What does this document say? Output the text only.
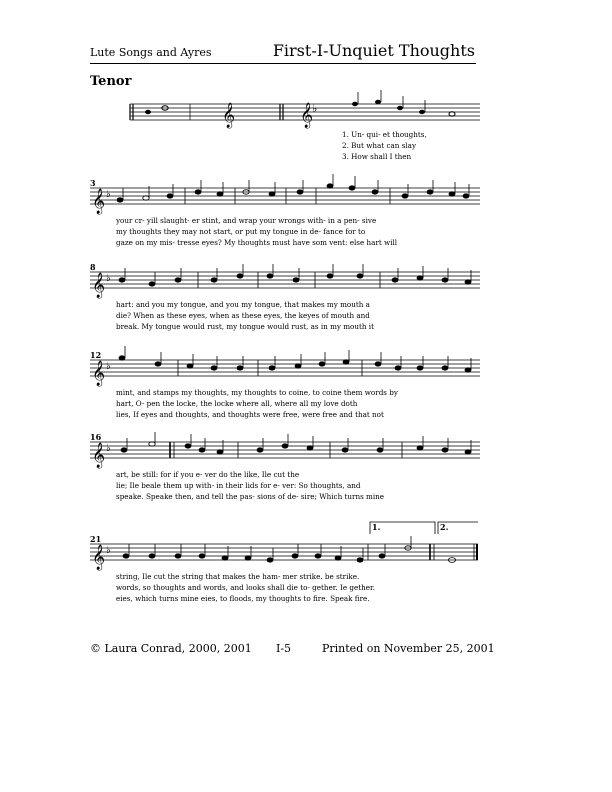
Lute Songs and Ayres	First-I-Unquiet Thoughts
Tenor
𝄞	𝄞
♭
1. Un- qui- et thoughts,
2. But what can slay
3. How shall I then
3
𝄞 ♭
your cr- yill slaught- er stint, and wrap your wrongs with- in a pen- sive
my thoughts they may not start, or put my tongue in de- fance for to
gaze on my mis- tresse eyes? My thoughts must have som vent: else hart will
8
𝄞 ♭
hart: and you my tongue, and you my tongue, that makes my mouth a
die? When as these eyes, when as these eyes, the keyes of mouth and
break. My tongue would rust, my tongue would rust, as in my mouth it
12
𝄞 ♭
mint, and stamps my thoughts, my thoughts to coine, to coine them words by
hart, O- pen the locke, the locke where all, where all my love doth
lies, If eyes and thoughts, and thoughts were free, were free and that not
16
𝄞 ♭
art, be still: for if you e- ver do the like, Ile cut the
lie; Ile beale them up with- in their lids for e- ver: So thoughts, and
speake. Speake then, and tell the pas- sions of de- sire; Which turns mine
1.	2.
21
𝄞 ♭
string, Ile cut the string that makes the ham- mer strike. be strike.
words, so thoughts and words, and looks shall die to- gether. Ie gether.
eies, which turns mine eies, to floods, my thoughts to fire. Speak fire.
© Laura Conrad, 2000, 2001 I-5	Printed on November 25, 2001
